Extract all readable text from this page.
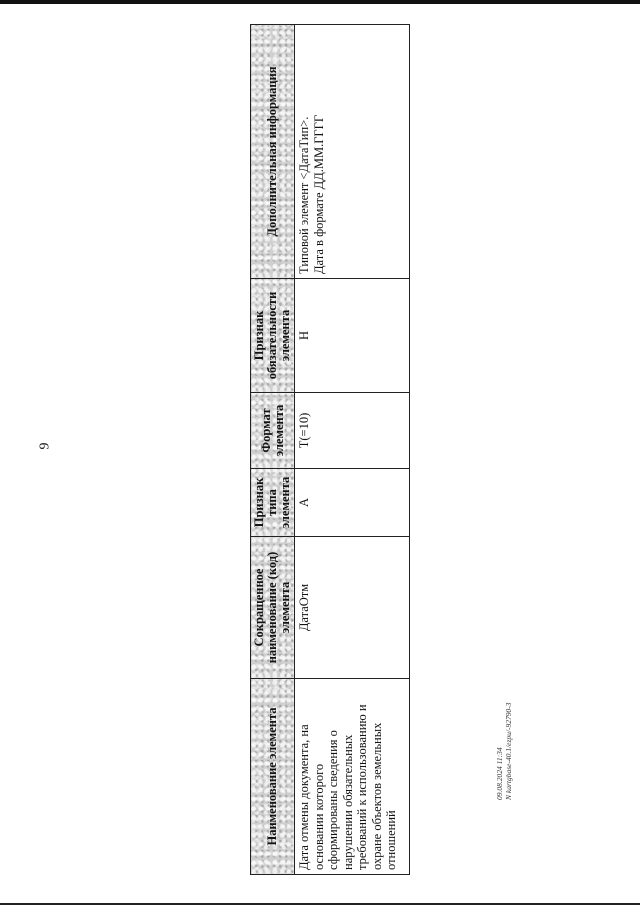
9
Наименование элемента	Сокращенное наименование (код) элемента	Признак типа элемента	Формат элемента	Признак обязательности элемента	Дополнительная информация
Дата отмены документа, на основании которого сформированы сведения о нарушении обязательных требований к использованию и охране объектов земельных отношений	ДатаОтм	А	Т(=10)	Н	Типовой элемент <ДатаТип>. Дата в формате ДД.ММ.ГГГГ
09.08.2024 11:34 N kartgbase-40.1/ezpu/-92790-3
